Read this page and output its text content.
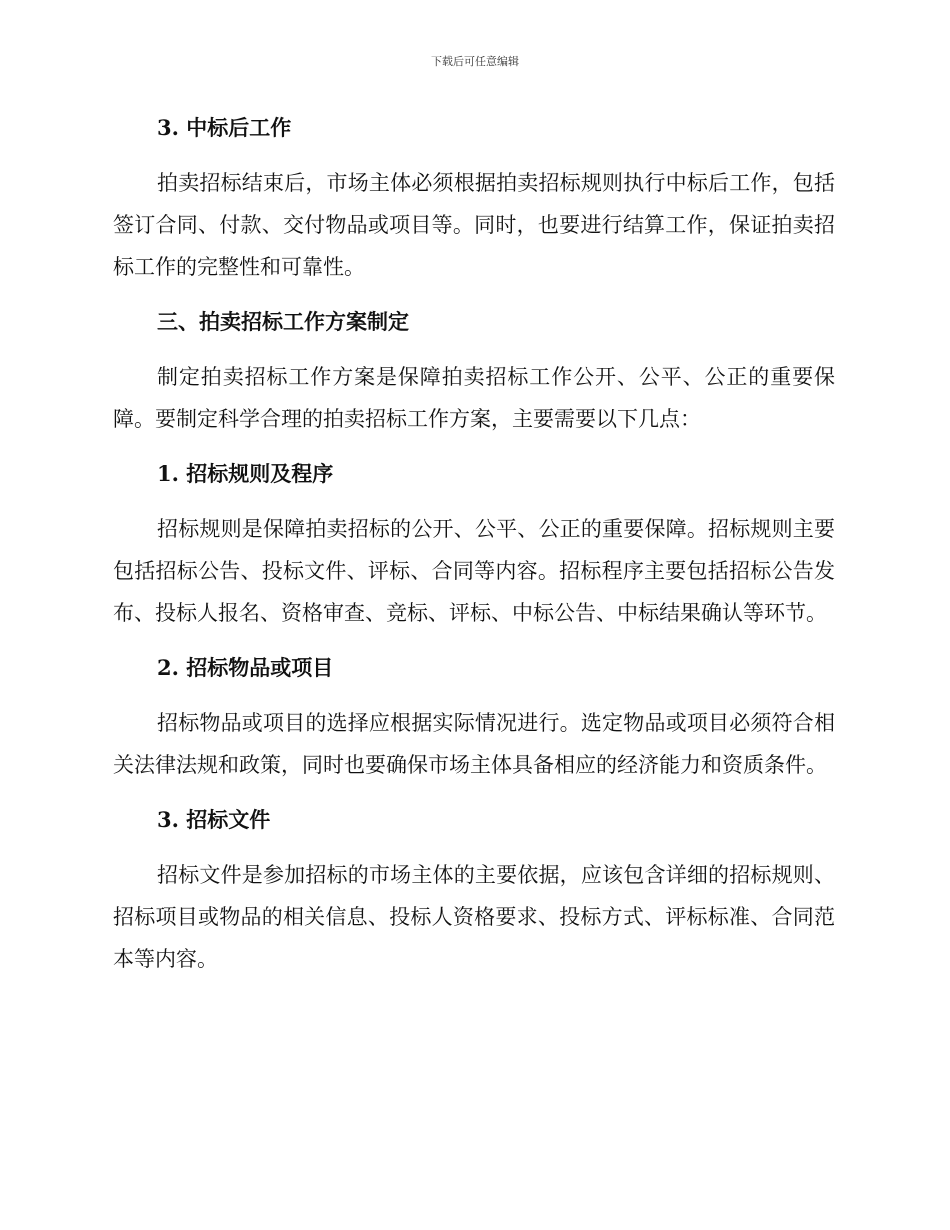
下载后可任意编辑
3. 中标后工作

拍卖招标结束后，市场主体必须根据拍卖招标规则执行中标后工作，包括签订合同、付款、交付物品或项目等。同时，也要进行结算工作，保证拍卖招标工作的完整性和可靠性。

三、拍卖招标工作方案制定

制定拍卖招标工作方案是保障拍卖招标工作公开、公平、公正的重要保障。要制定科学合理的拍卖招标工作方案，主要需要以下几点：

1. 招标规则及程序

招标规则是保障拍卖招标的公开、公平、公正的重要保障。招标规则主要包括招标公告、投标文件、评标、合同等内容。招标程序主要包括招标公告发布、投标人报名、资格审查、竞标、评标、中标公告、中标结果确认等环节。

2. 招标物品或项目

招标物品或项目的选择应根据实际情况进行。选定物品或项目必须符合相关法律法规和政策，同时也要确保市场主体具备相应的经济能力和资质条件。

3. 招标文件

招标文件是参加招标的市场主体的主要依据，应该包含详细的招标规则、招标项目或物品的相关信息、投标人资格要求、投标方式、评标标准、合同范本等内容。
